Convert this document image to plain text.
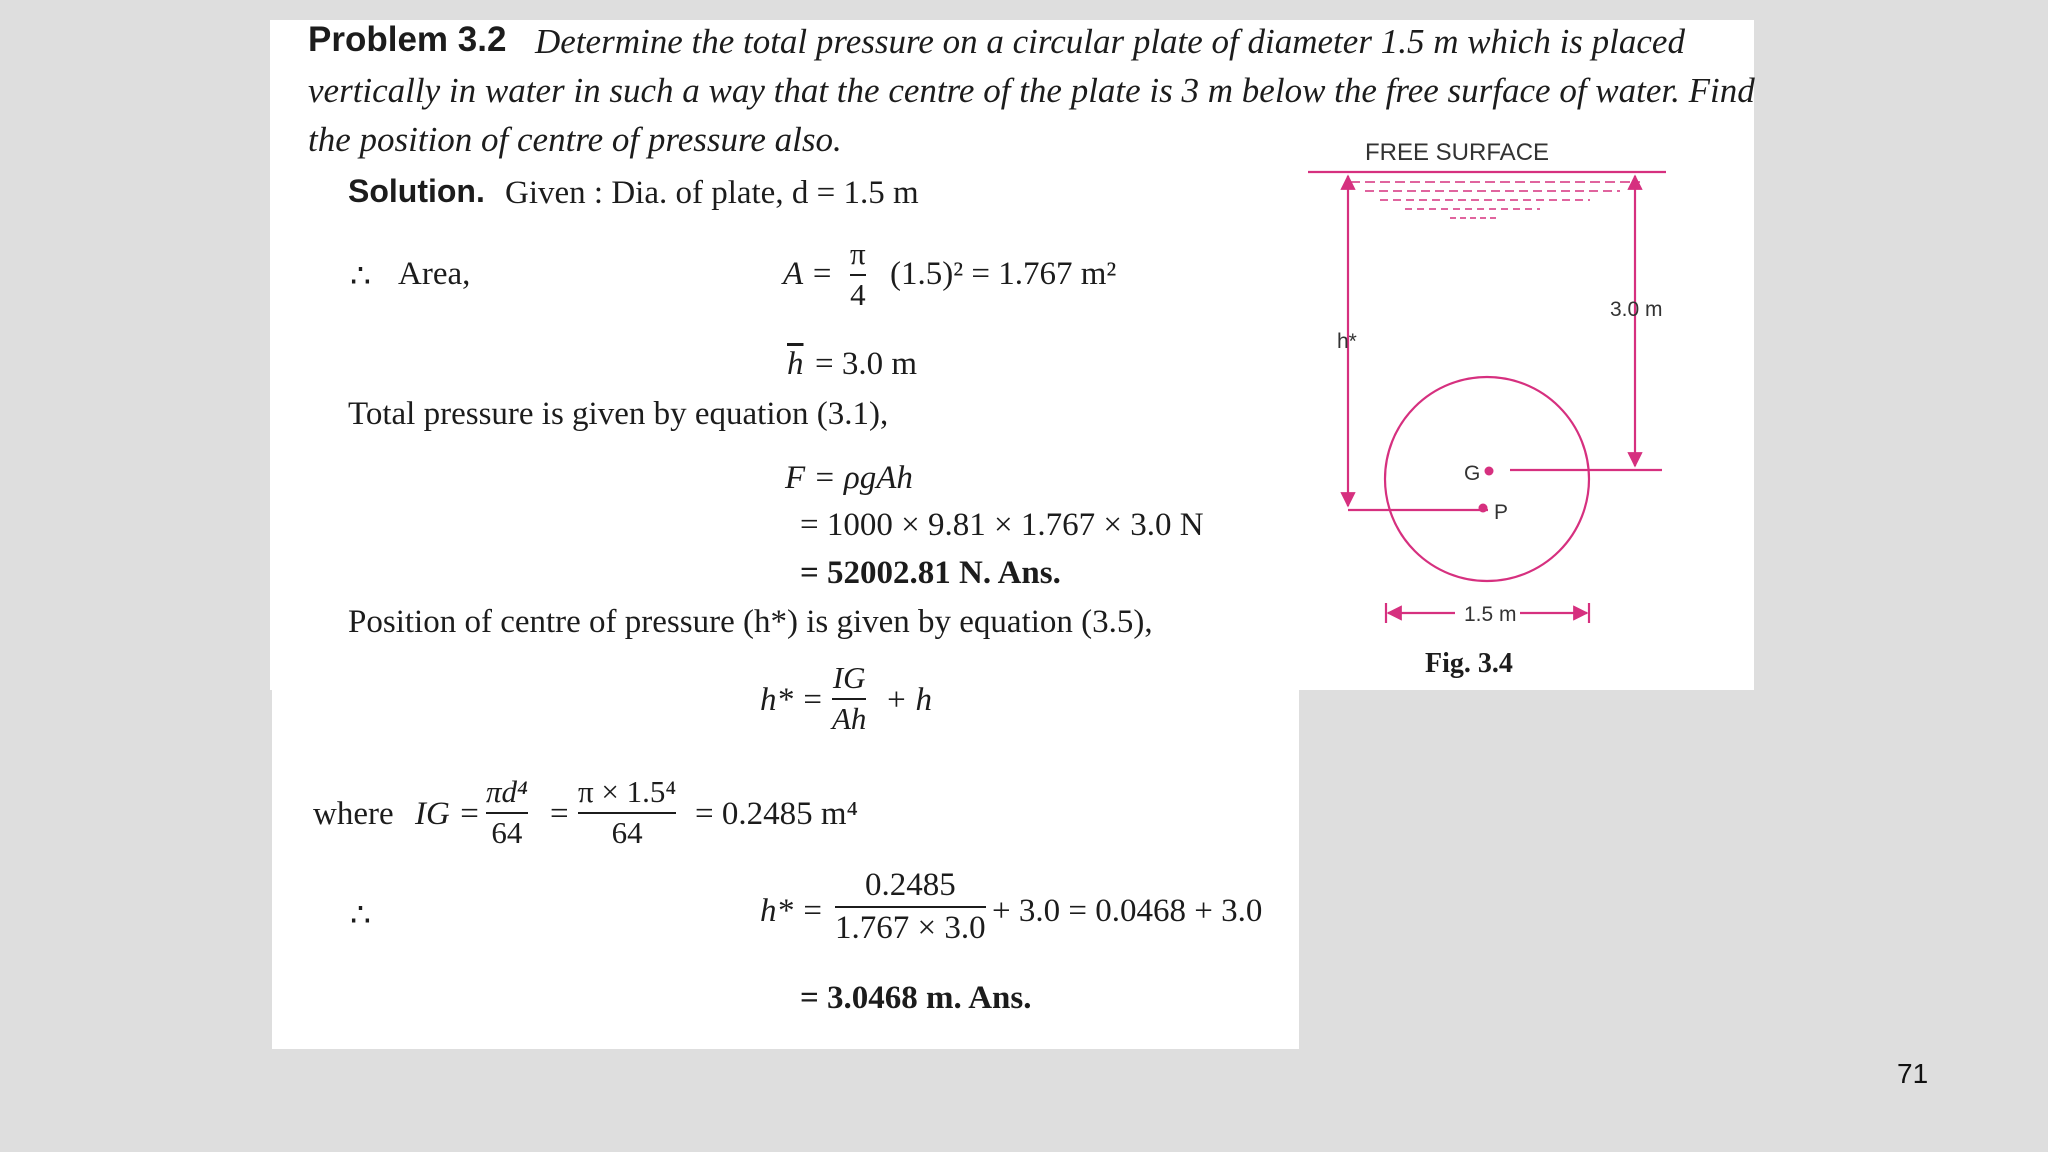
Problem 3.2 Determine the total pressure on a circular plate of diameter 1.5 m which is placed
vertically in water in such a way that the centre of the plate is 3 m below the free surface of water. Find
the position of centre of pressure also.
Solution. Given : Dia. of plate, d = 1.5 m
∴ Area,	A =
π
4
(1.5)² = 1.767 m²
$\overline{h} = 3.0$ m
Total pressure is given by equation (3.1),
F = ρgAh
= 1000 × 9.81 × 1.767 × 3.0 N
= 52002.81 N. Ans.
Position of centre of pressure (h*) is given by equation (3.5),
h* =
IG
Ah
+ h
where IG =
πd⁴
64
=
π × 1.5⁴
64
= 0.2485 m⁴
∴	h* =
0.2485
1.767 × 3.0 + 3.0 = 0.0468 + 3.0
= 3.0468 m. Ans.
FREE SURFACE
3.0 m
h*
G
P
1.5 m
Fig. 3.4
71
